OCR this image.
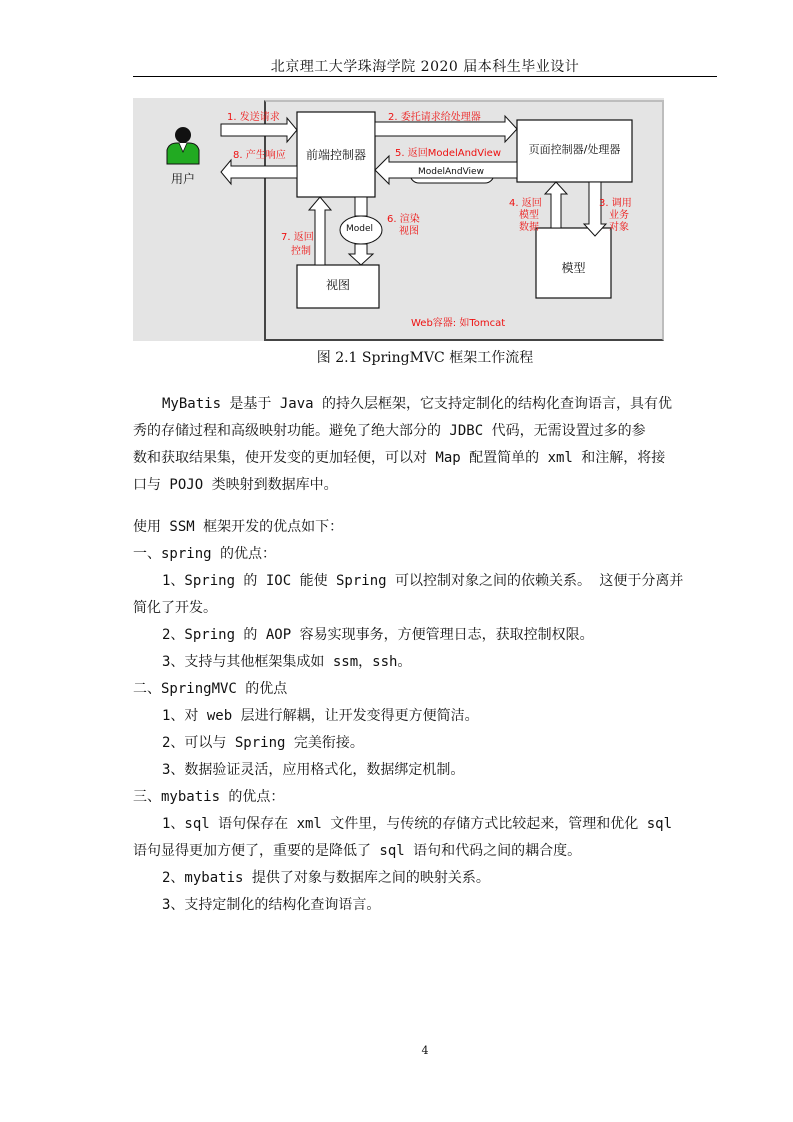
北京理工大学珠海学院 2020 届本科生毕业设计
用户
前端控制器	页面控制器/处理器
模型
视图
ModelAndView
Model
1. 发送请求
8. 产生响应
2. 委托请求给处理器
5. 返回ModelAndView
4. 返回
模型
数据
3. 调用
业务
对象
6. 渲染
视图
7. 返回
控制
Web容器: 如Tomcat
图 2.1 SpringMVC 框架工作流程
MyBatis 是基于 Java 的持久层框架，它支持定制化的结构化查询语言，具有优
秀的存储过程和高级映射功能。避免了绝大部分的 JDBC 代码，无需设置过多的参
数和获取结果集，使开发变的更加轻便，可以对 Map 配置简单的 xml 和注解，将接
口与 POJO 类映射到数据库中。
使用 SSM 框架开发的优点如下：
一、spring 的优点：
1、Spring 的 IOC 能使 Spring 可以控制对象之间的依赖关系。 这便于分离并
简化了开发。
2、Spring 的 AOP 容易实现事务，方便管理日志，获取控制权限。
3、支持与其他框架集成如 ssm，ssh。
二、SpringMVC 的优点
1、对 web 层进行解耦，让开发变得更方便简洁。
2、可以与 Spring 完美衔接。
3、数据验证灵活，应用格式化，数据绑定机制。
三、mybatis 的优点：
1、sql 语句保存在 xml 文件里，与传统的存储方式比较起来，管理和优化 sql
语句显得更加方便了，重要的是降低了 sql 语句和代码之间的耦合度。
2、mybatis 提供了对象与数据库之间的映射关系。
3、支持定制化的结构化查询语言。
4
